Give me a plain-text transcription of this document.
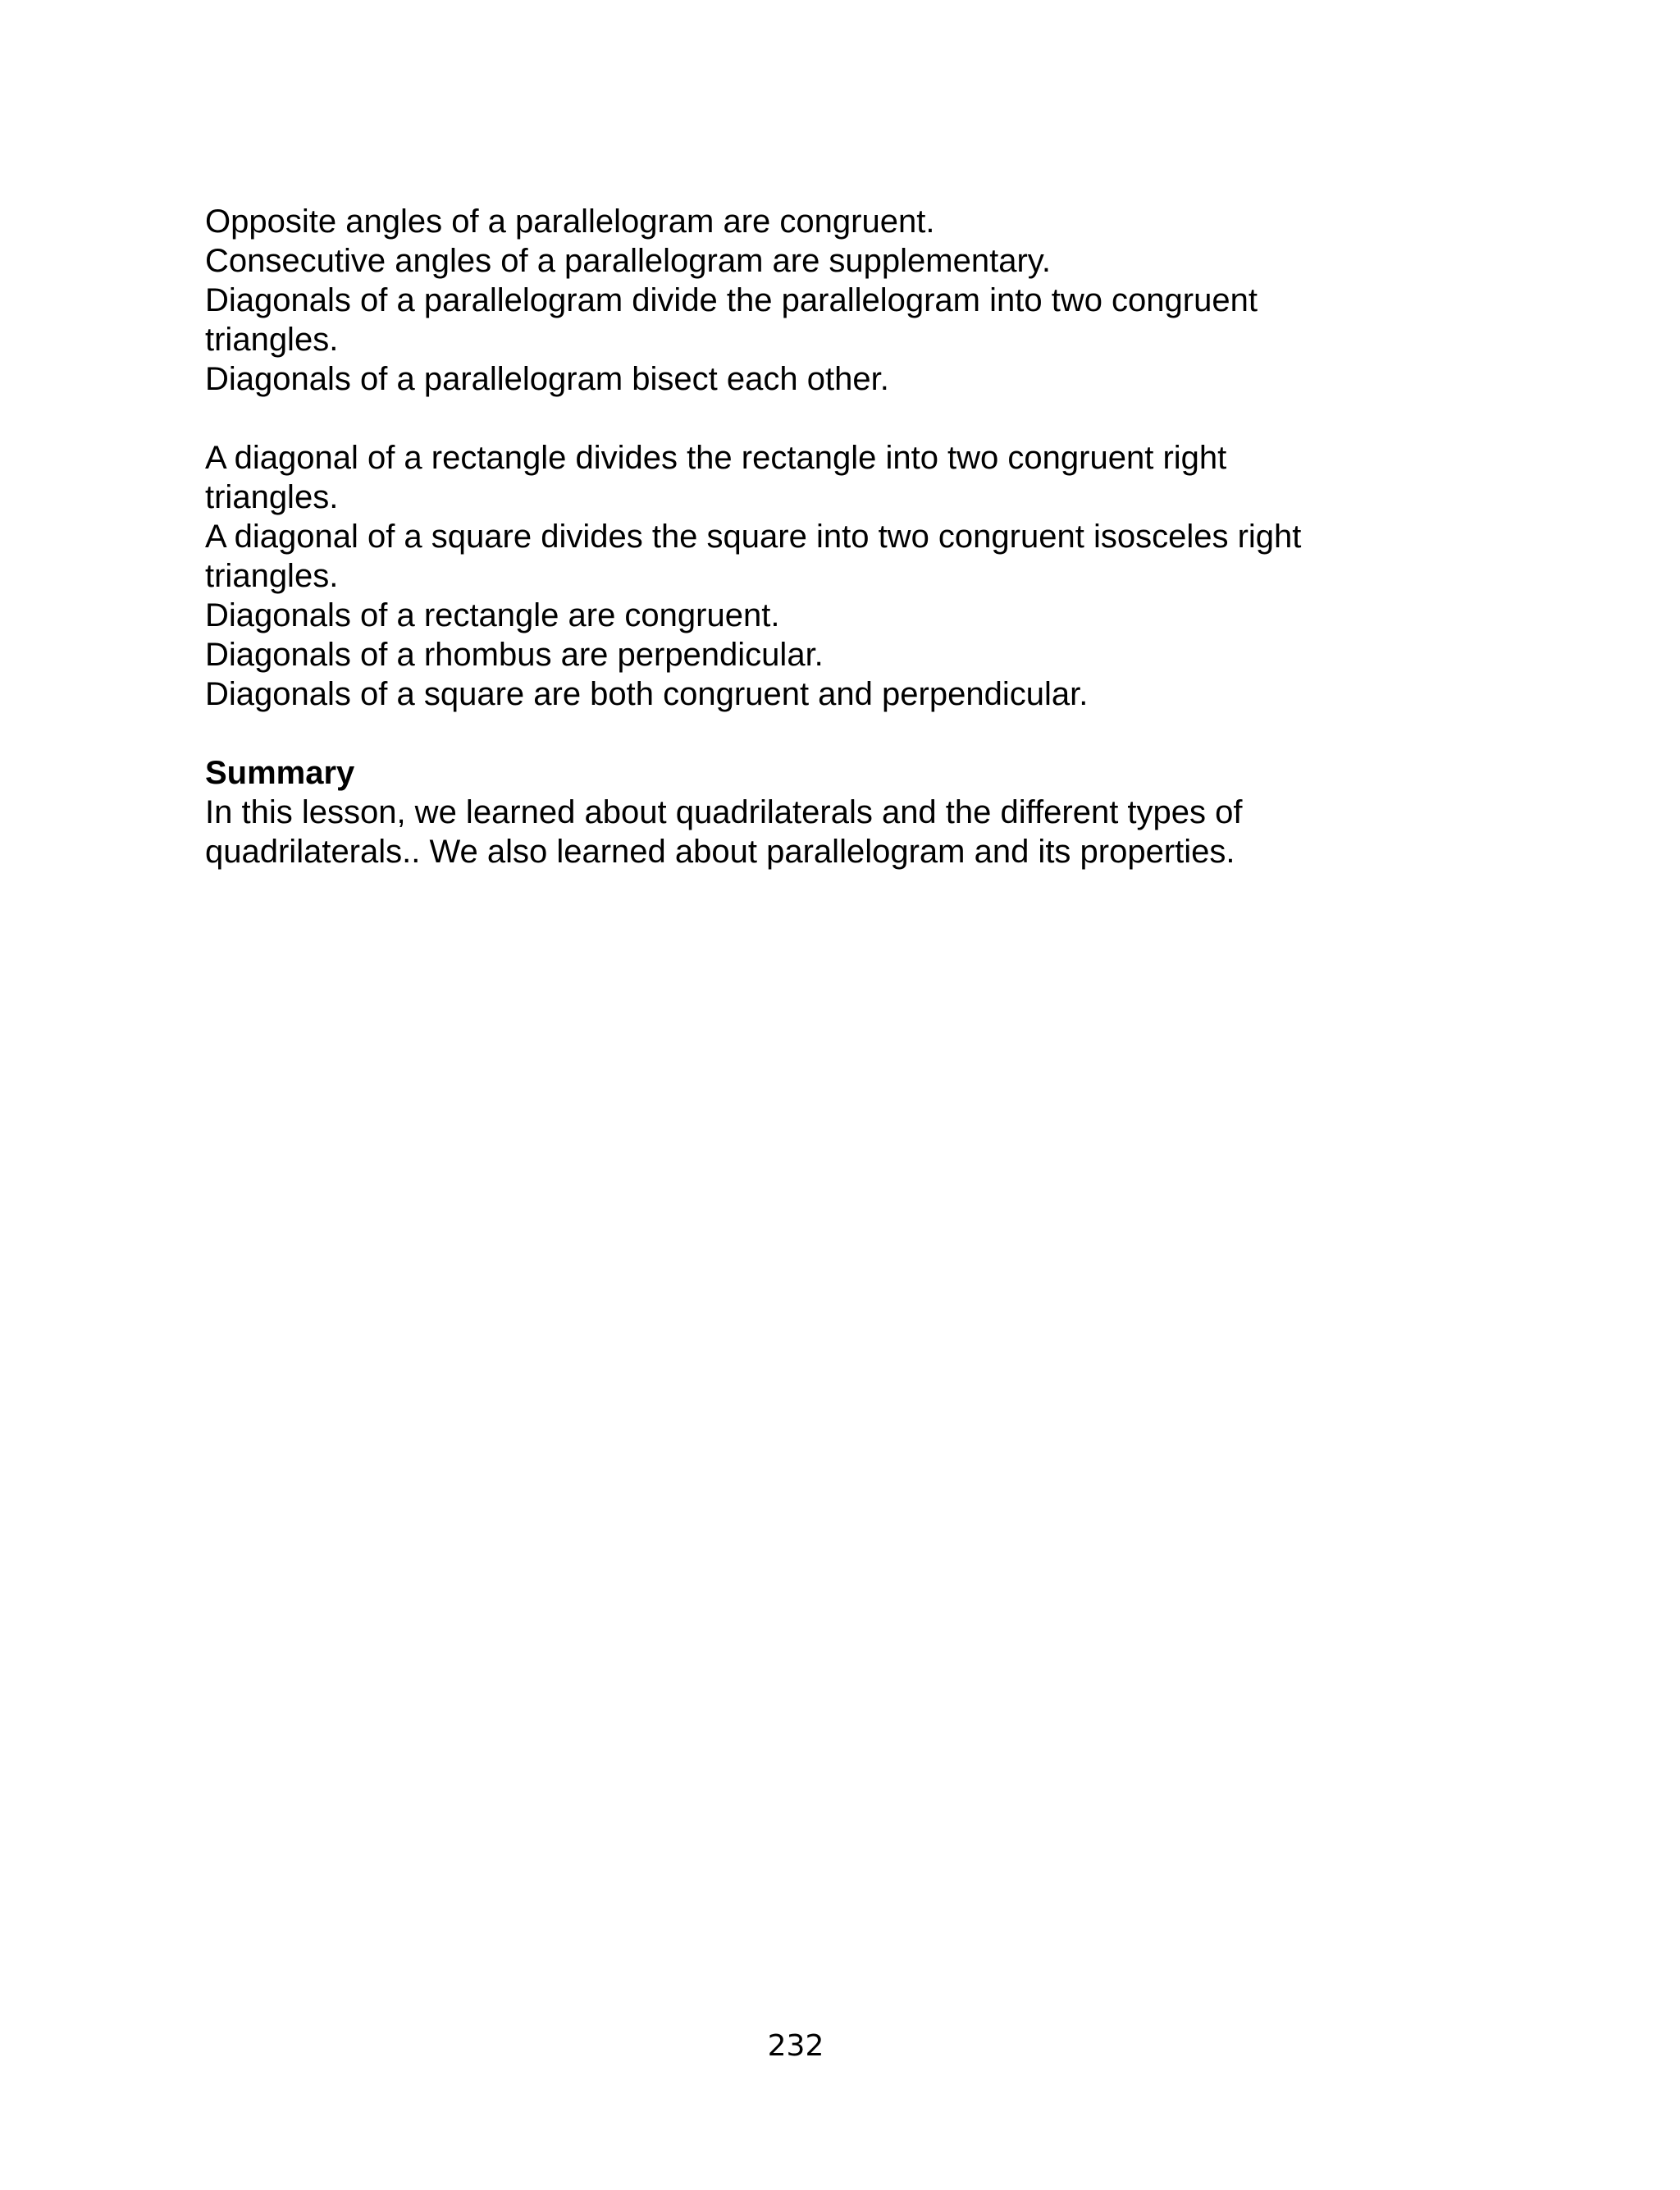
Opposite angles of a parallelogram are congruent.
Consecutive angles of a parallelogram are supplementary.
Diagonals of a parallelogram divide the parallelogram into two congruent
triangles.
Diagonals of a parallelogram bisect each other.
A diagonal of a rectangle divides the rectangle into two congruent right
triangles.
A diagonal of a square divides the square into two congruent isosceles right
triangles.
Diagonals of a rectangle are congruent.
Diagonals of a rhombus are perpendicular.
Diagonals of a square are both congruent and perpendicular.
Summary
In this lesson, we learned about quadrilaterals and the different types of
quadrilaterals.. We also learned about parallelogram and its properties.
232
